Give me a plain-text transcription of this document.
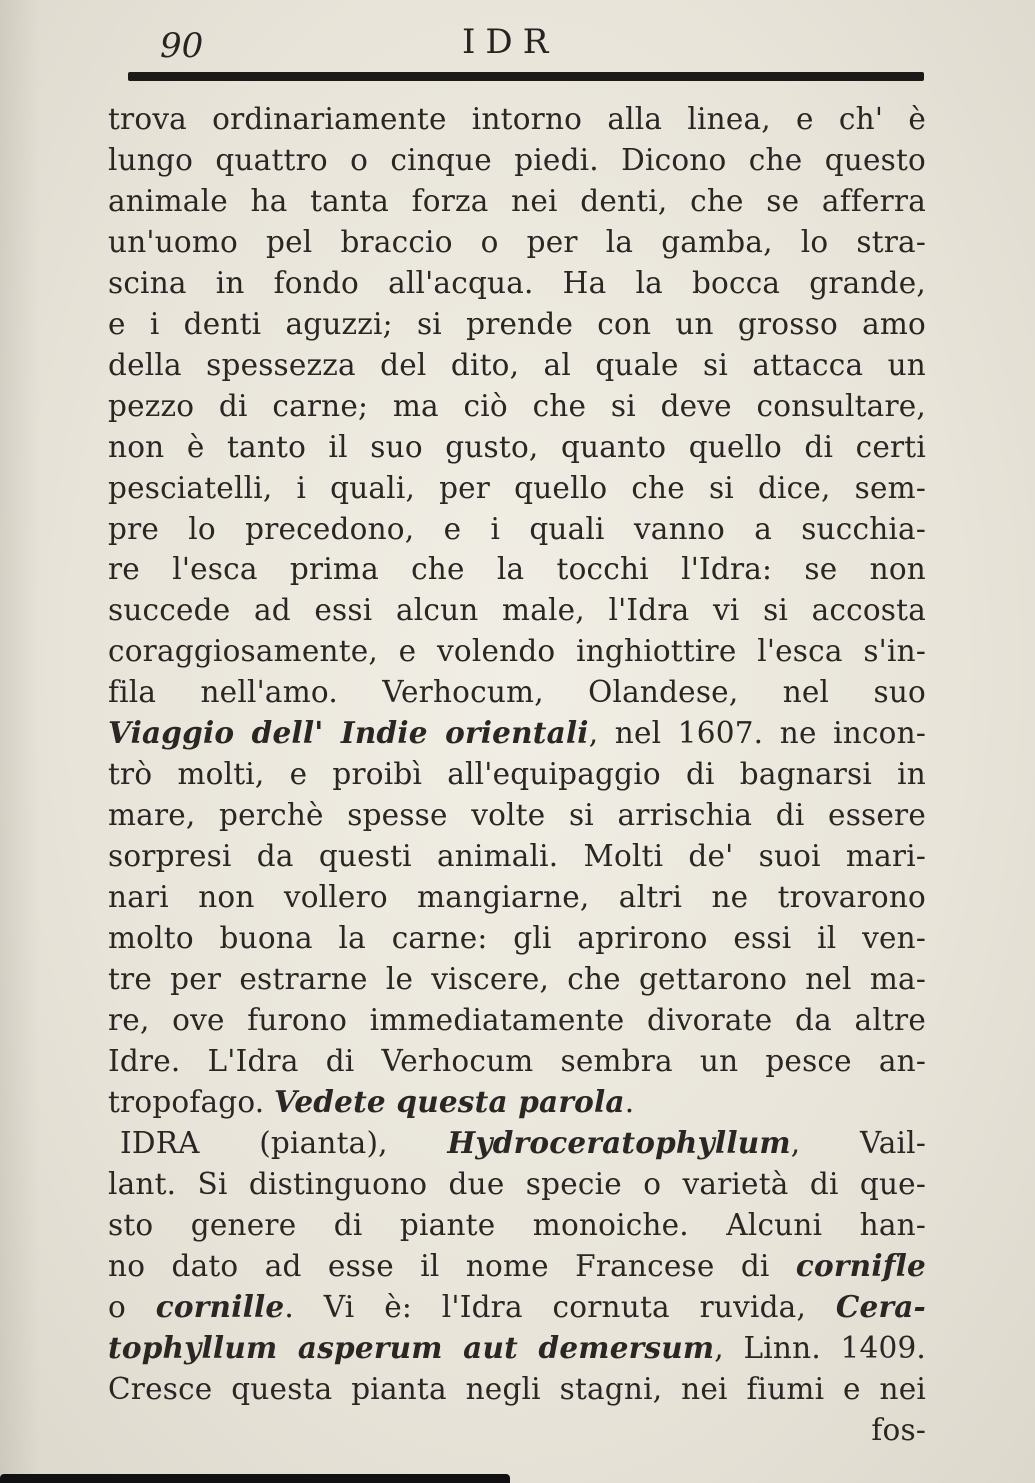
90	IDR
trova ordinariamente intorno alla linea, e ch' è
lungo quattro o cinque piedi. Dicono che questo
animale ha tanta forza nei denti, che se afferra
un'uomo pel braccio o per la gamba, lo stra-
scina in fondo all'acqua. Ha la bocca grande,
e i denti aguzzi; si prende con un grosso amo
della spessezza del dito, al quale si attacca un
pezzo di carne; ma ciò che si deve consultare,
non è tanto il suo gusto, quanto quello di certi
pesciatelli, i quali, per quello che si dice, sem-
pre lo precedono, e i quali vanno a succhia-
re l'esca prima che la tocchi l'Idra: se non
succede ad essi alcun male, l'Idra vi si accosta
coraggiosamente, e volendo inghiottire l'esca s'in-
fila nell'amo. Verhocum, Olandese, nel suo
Viaggio dell' Indie orientali, nel 1607. ne incon-
trò molti, e proibì all'equipaggio di bagnarsi in
mare, perchè spesse volte si arrischia di essere
sorpresi da questi animali. Molti de' suoi mari-
nari non vollero mangiarne, altri ne trovarono
molto buona la carne: gli aprirono essi il ven-
tre per estrarne le viscere, che gettarono nel ma-
re, ove furono immediatamente divorate da altre
Idre. L'Idra di Verhocum sembra un pesce an-
tropofago. Vedete questa parola.
IDRA (pianta), Hydroceratophyllum, Vail-
lant. Si distinguono due specie o varietà di que-
sto genere di piante monoiche. Alcuni han-
no dato ad esse il nome Francese di cornifle
o cornille. Vi è: l'Idra cornuta ruvida, Cera-
tophyllum asperum aut demersum, Linn. 1409.
Cresce questa pianta negli stagni, nei fiumi e nei
fos-
